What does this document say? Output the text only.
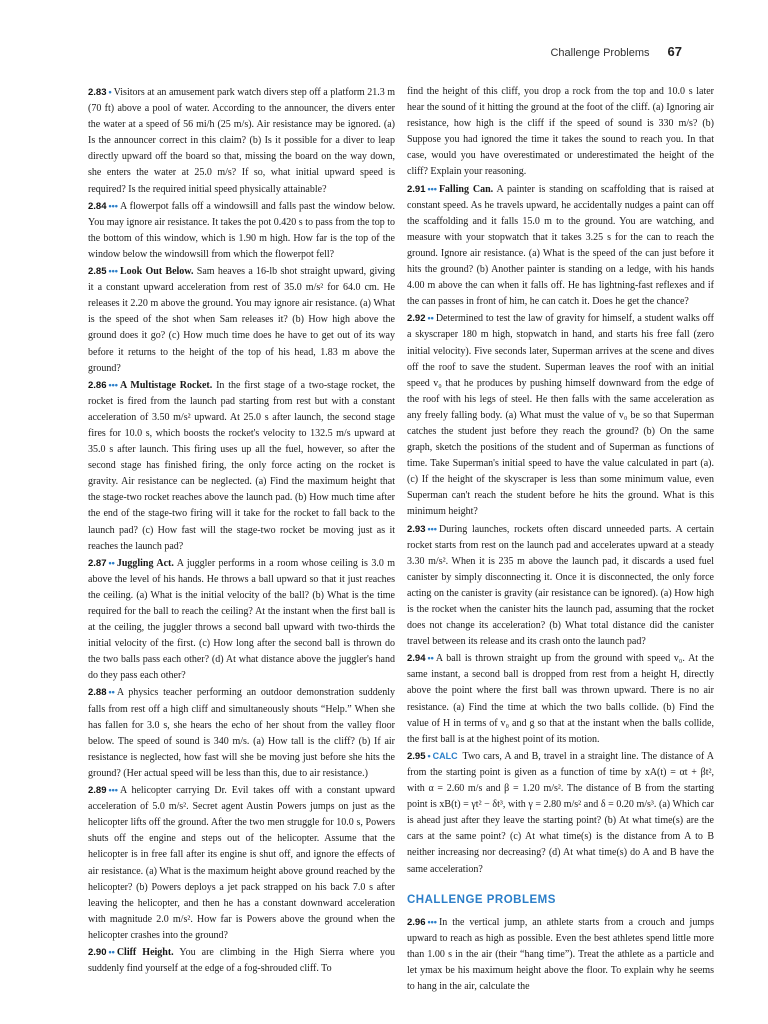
Challenge Problems 67

2.83 • Visitors at an amusement park watch divers step off a platform 21.3 m (70 ft) above a pool of water. According to the announcer, the divers enter the water at a speed of 56 mi/h (25 m/s). Air resistance may be ignored. (a) Is the announcer correct in this claim? (b) Is it possible for a diver to leap directly upward off the board so that, missing the board on the way down, she enters the water at 25.0 m/s? If so, what initial upward speed is required? Is the required initial speed physically attainable?

2.84 ••• A flowerpot falls off a windowsill and falls past the window below. You may ignore air resistance. It takes the pot 0.420 s to pass from the top to the bottom of this window, which is 1.90 m high. How far is the top of the window below the windowsill from which the flowerpot fell?

2.85 ••• Look Out Below. Sam heaves a 16-lb shot straight upward, giving it a constant upward acceleration from rest of 35.0 m/s² for 64.0 cm. He releases it 2.20 m above the ground. You may ignore air resistance. (a) What is the speed of the shot when Sam releases it? (b) How high above the ground does it go? (c) How much time does he have to get out of its way before it returns to the height of the top of his head, 1.83 m above the ground?

2.86 ••• A Multistage Rocket. In the first stage of a two-stage rocket, the rocket is fired from the launch pad starting from rest but with a constant acceleration of 3.50 m/s² upward. At 25.0 s after launch, the second stage fires for 10.0 s, which boosts the rocket's velocity to 132.5 m/s upward at 35.0 s after launch. This firing uses up all the fuel, however, so after the second stage has finished firing, the only force acting on the rocket is gravity. Air resistance can be neglected. (a) Find the maximum height that the stage-two rocket reaches above the launch pad. (b) How much time after the end of the stage-two firing will it take for the rocket to fall back to the launch pad? (c) How fast will the stage-two rocket be moving just as it reaches the launch pad?

2.87 •• Juggling Act. A juggler performs in a room whose ceiling is 3.0 m above the level of his hands. He throws a ball upward so that it just reaches the ceiling. (a) What is the initial velocity of the ball? (b) What is the time required for the ball to reach the ceiling? At the instant when the first ball is at the ceiling, the juggler throws a second ball upward with two-thirds the initial velocity of the first. (c) How long after the second ball is thrown do the two balls pass each other? (d) At what distance above the juggler's hand do they pass each other?

2.88 •• A physics teacher performing an outdoor demonstration suddenly falls from rest off a high cliff and simultaneously shouts “Help.” When she has fallen for 3.0 s, she hears the echo of her shout from the valley floor below. The speed of sound is 340 m/s. (a) How tall is the cliff? (b) If air resistance is neglected, how fast will she be moving just before she hits the ground? (Her actual speed will be less than this, due to air resistance.)

2.89 ••• A helicopter carrying Dr. Evil takes off with a constant upward acceleration of 5.0 m/s². Secret agent Austin Powers jumps on just as the helicopter lifts off the ground. After the two men struggle for 10.0 s, Powers shuts off the engine and steps out of the helicopter. Assume that the helicopter is in free fall after its engine is shut off, and ignore the effects of air resistance. (a) What is the maximum height above ground reached by the helicopter? (b) Powers deploys a jet pack strapped on his back 7.0 s after leaving the helicopter, and then he has a constant downward acceleration with magnitude 2.0 m/s². How far is Powers above the ground when the helicopter crashes into the ground?

2.90 •• Cliff Height. You are climbing in the High Sierra where you suddenly find yourself at the edge of a fog-shrouded cliff. To

find the height of this cliff, you drop a rock from the top and 10.0 s later hear the sound of it hitting the ground at the foot of the cliff. (a) Ignoring air resistance, how high is the cliff if the speed of sound is 330 m/s? (b) Suppose you had ignored the time it takes the sound to reach you. In that case, would you have overestimated or underestimated the height of the cliff? Explain your reasoning.

2.91 ••• Falling Can. A painter is standing on scaffolding that is raised at constant speed. As he travels upward, he accidentally nudges a paint can off the scaffolding and it falls 15.0 m to the ground. You are watching, and measure with your stopwatch that it takes 3.25 s for the can to reach the ground. Ignore air resistance. (a) What is the speed of the can just before it hits the ground? (b) Another painter is standing on a ledge, with his hands 4.00 m above the can when it falls off. He has lightning-fast reflexes and if the can passes in front of him, he can catch it. Does he get the chance?

2.92 •• Determined to test the law of gravity for himself, a student walks off a skyscraper 180 m high, stopwatch in hand, and starts his free fall (zero initial velocity). Five seconds later, Superman arrives at the scene and dives off the roof to save the student. Superman leaves the roof with an initial speed v₀ that he produces by pushing himself downward from the edge of the roof with his legs of steel. He then falls with the same acceleration as any freely falling body. (a) What must the value of v₀ be so that Superman catches the student just before they reach the ground? (b) On the same graph, sketch the positions of the student and of Superman as functions of time. Take Superman's initial speed to have the value calculated in part (a). (c) If the height of the skyscraper is less than some minimum value, even Superman can't reach the student before he hits the ground. What is this minimum height?

2.93 ••• During launches, rockets often discard unneeded parts. A certain rocket starts from rest on the launch pad and accelerates upward at a steady 3.30 m/s². When it is 235 m above the launch pad, it discards a used fuel canister by simply disconnecting it. Once it is disconnected, the only force acting on the canister is gravity (air resistance can be ignored). (a) How high is the rocket when the canister hits the launch pad, assuming that the rocket does not change its acceleration? (b) What total distance did the canister travel between its release and its crash onto the launch pad?

2.94 •• A ball is thrown straight up from the ground with speed v₀. At the same instant, a second ball is dropped from rest from a height H, directly above the point where the first ball was thrown upward. There is no air resistance. (a) Find the time at which the two balls collide. (b) Find the value of H in terms of v₀ and g so that at the instant when the balls collide, the first ball is at the highest point of its motion.

2.95 • CALC Two cars, A and B, travel in a straight line. The distance of A from the starting point is given as a function of time by xA(t) = αt + βt², with α = 2.60 m/s and β = 1.20 m/s². The distance of B from the starting point is xB(t) = γt² − δt³, with γ = 2.80 m/s² and δ = 0.20 m/s³. (a) Which car is ahead just after they leave the starting point? (b) At what time(s) are the cars at the same point? (c) At what time(s) is the distance from A to B neither increasing nor decreasing? (d) At what time(s) do A and B have the same acceleration?

CHALLENGE PROBLEMS

2.96 ••• In the vertical jump, an athlete starts from a crouch and jumps upward to reach as high as possible. Even the best athletes spend little more than 1.00 s in the air (their “hang time”). Treat the athlete as a particle and let ymax be his maximum height above the floor. To explain why he seems to hang in the air, calculate the
